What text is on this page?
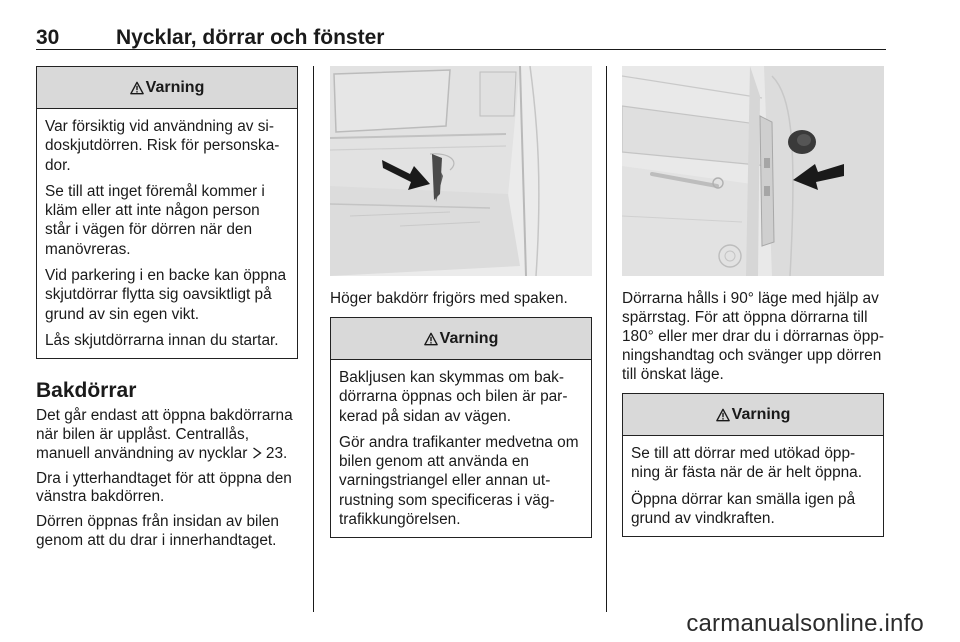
30	Nycklar, dörrar och fönster
Varning

Var försiktig vid användning av sidoskjutdörren. Risk för personskador.

Se till att inget föremål kommer i kläm eller att inte någon person står i vägen för dörren när den manövreras.

Vid parkering i en backe kan öppna skjutdörrar flytta sig oavsiktligt på grund av sin egen vikt.

Lås skjutdörrarna innan du startar.

Bakdörrar

Det går endast att öppna bakdörrarna när bilen är upplåst. Centrallås, manuell användning av nycklar 23.

Dra i ytterhandtaget för att öppna den vänstra bakdörren.

Dörren öppnas från insidan av bilen genom att du drar i innerhandtaget.

Höger bakdörr frigörs med spaken.
Varning

Bakljusen kan skymmas om bakdörrarna öppnas och bilen är parkerad på sidan av vägen.

Gör andra trafikanter medvetna om bilen genom att använda en varningstriangel eller annan utrustning som specificeras i vägtrafikkungörelsen.

Dörrarna hålls i 90° läge med hjälp av spärrstag. För att öppna dörrarna till 180° eller mer drar du i dörrarnas öppningshandtag och svänger upp dörren till önskat läge.
Varning

Se till att dörrar med utökad öppning är fästa när de är helt öppna.

Öppna dörrar kan smälla igen på grund av vindkraften.

carmanualsonline.info
